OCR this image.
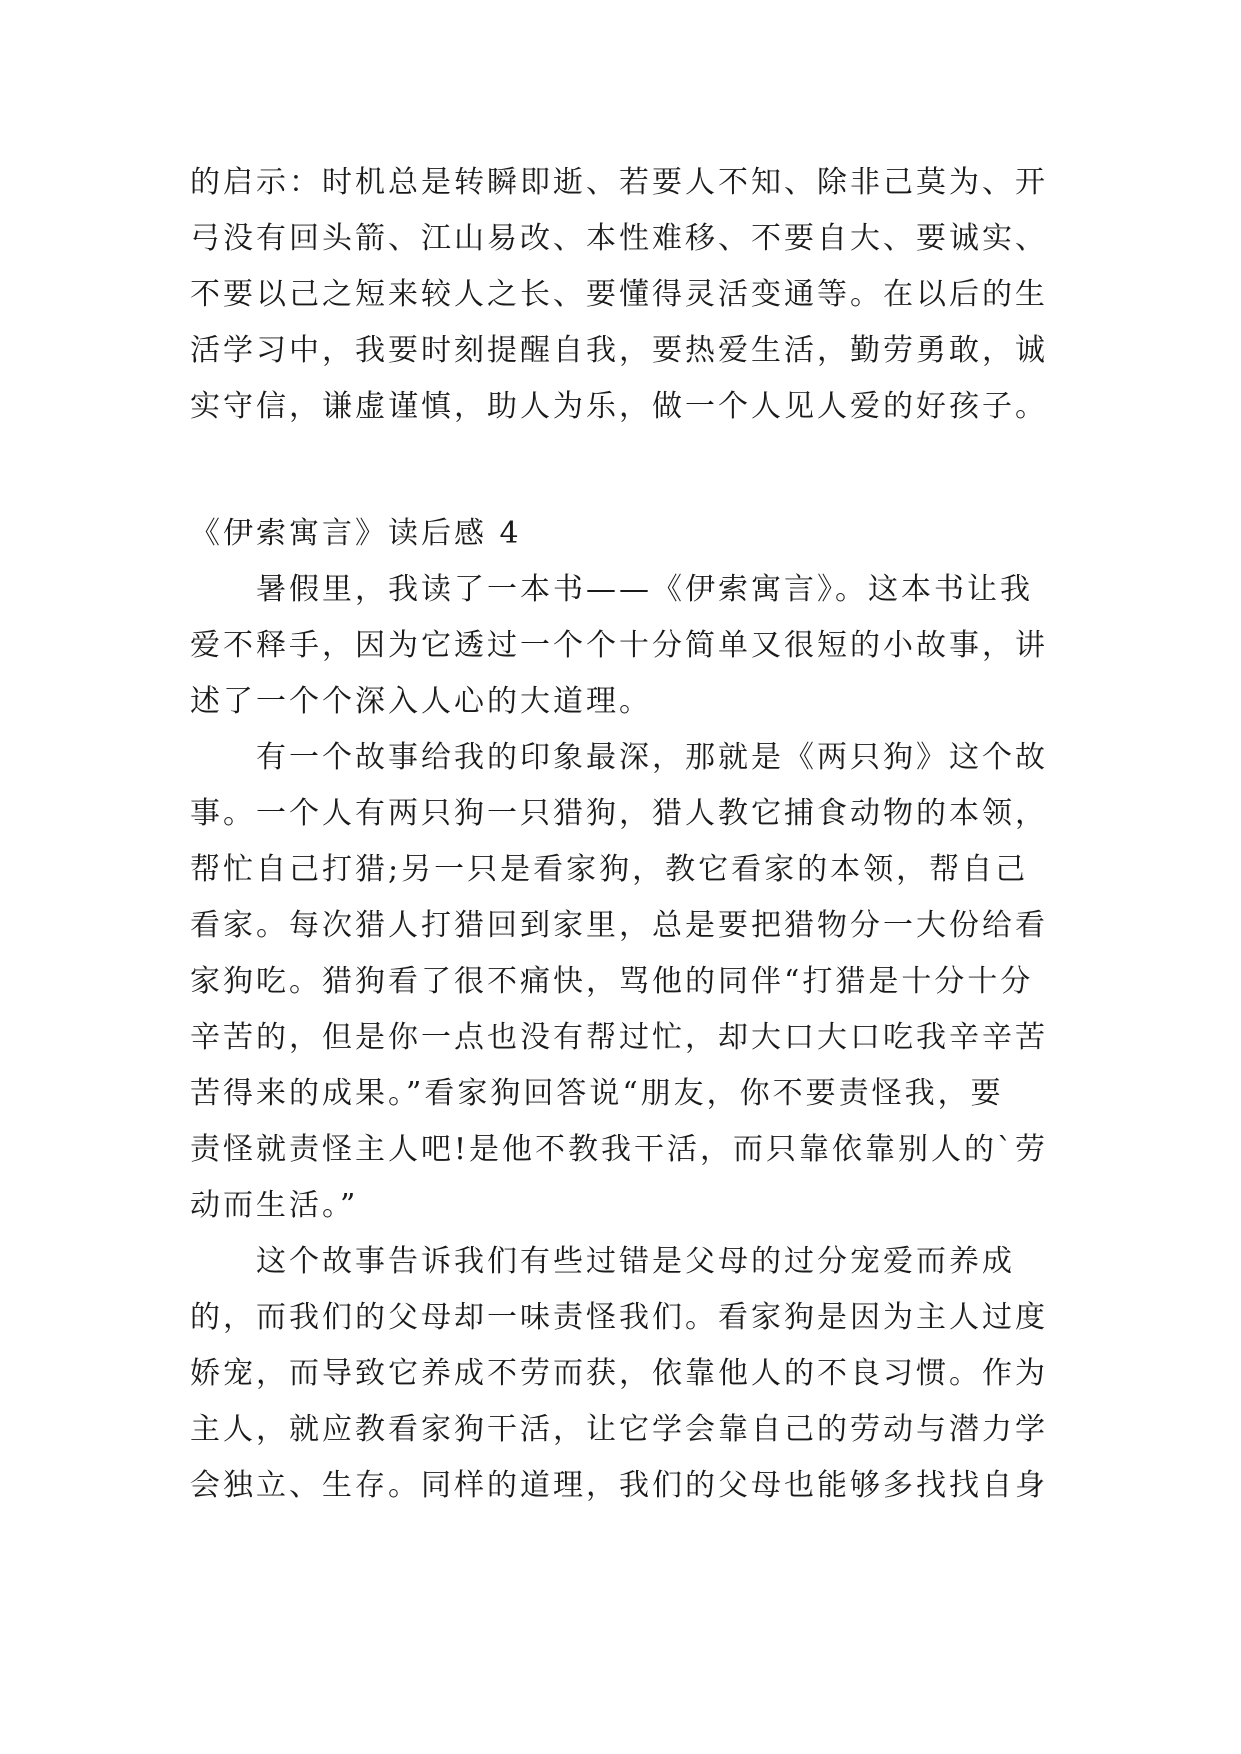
的启示：时机总是转瞬即逝、若要人不知、除非己莫为、开
弓没有回头箭、江山易改、本性难移、不要自大、要诚实、
不要以己之短来较人之长、要懂得灵活变通等。在以后的生
活学习中，我要时刻提醒自我，要热爱生活，勤劳勇敢，诚
实守信，谦虚谨慎，助人为乐，做一个人见人爱的好孩子。
《伊索寓言》读后感 4
暑假里，我读了一本书——《伊索寓言》。这本书让我
爱不释手，因为它透过一个个十分简单又很短的小故事，讲
述了一个个深入人心的大道理。
有一个故事给我的印象最深，那就是《两只狗》这个故
事。一个人有两只狗一只猎狗，猎人教它捕食动物的本领，
帮忙自己打猎;另一只是看家狗，教它看家的本领，帮自己
看家。每次猎人打猎回到家里，总是要把猎物分一大份给看
家狗吃。猎狗看了很不痛快，骂他的同伴“打猎是十分十分
辛苦的，但是你一点也没有帮过忙，却大口大口吃我辛辛苦
苦得来的成果。”看家狗回答说“朋友，你不要责怪我，要
责怪就责怪主人吧!是他不教我干活，而只靠依靠别人的`劳
动而生活。”
这个故事告诉我们有些过错是父母的过分宠爱而养成
的，而我们的父母却一味责怪我们。看家狗是因为主人过度
娇宠，而导致它养成不劳而获，依靠他人的不良习惯。作为
主人，就应教看家狗干活，让它学会靠自己的劳动与潜力学
会独立、生存。同样的道理，我们的父母也能够多找找自身
